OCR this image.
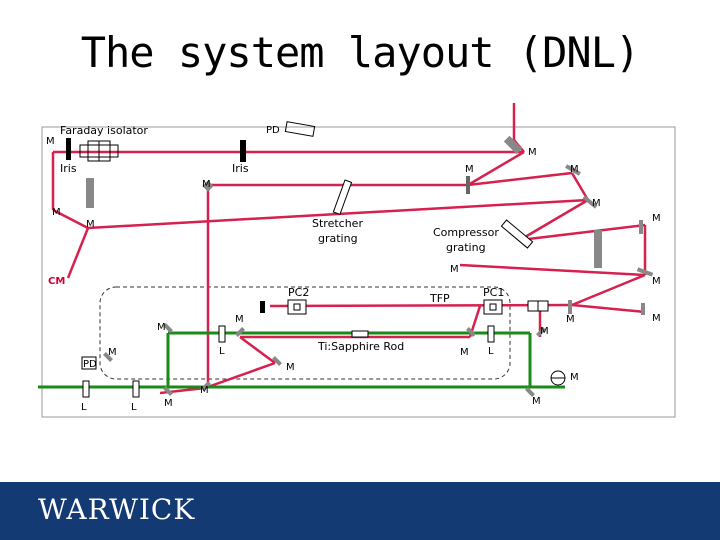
The system layout (DNL)
Faraday isolator	PD
Iris	Iris
Stretcher grating	Compressor grating
CM
PC2	PC1
TFP
Ti:Sapphire Rod
PD
M
M
M	M
M
M
M
M
M
M
M
M	M
M
M	M
M
M
M
M
M
M	M
L	L
L	L
WARWICK
